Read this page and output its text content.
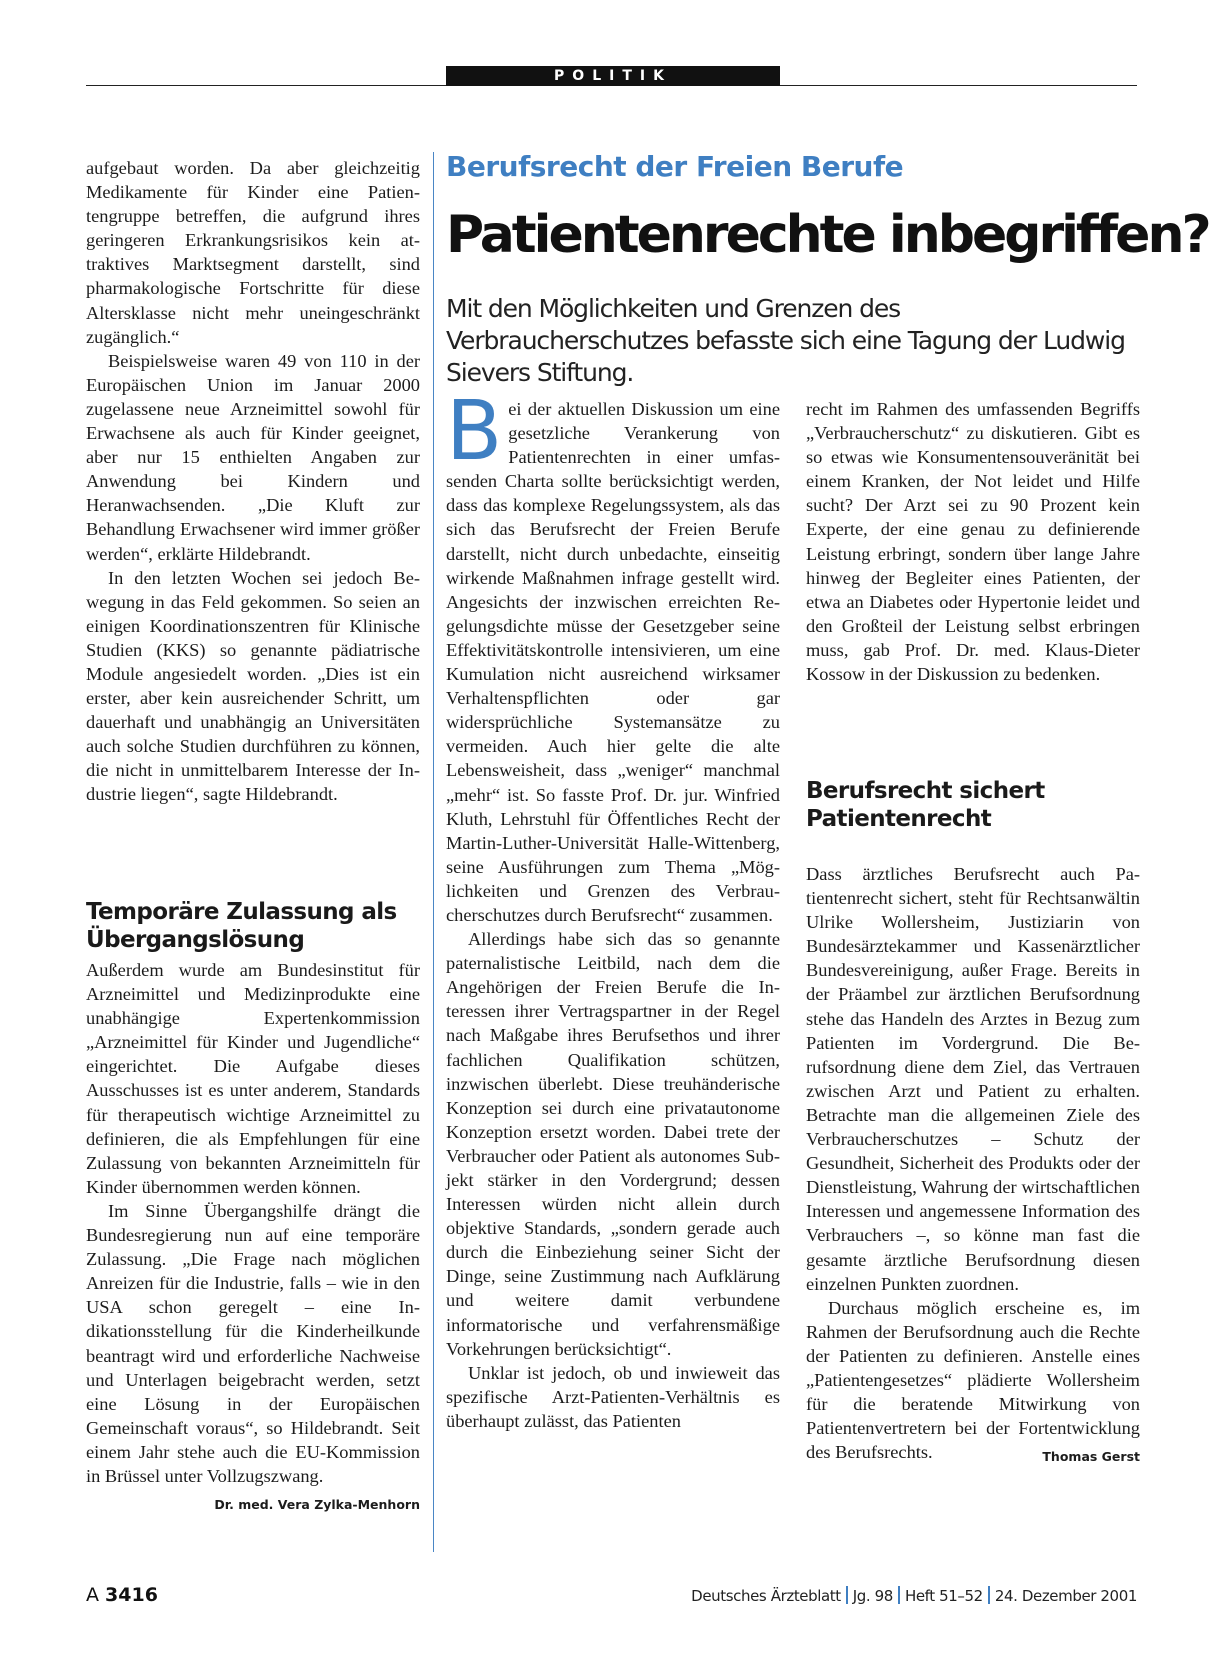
POLITIK

aufgebaut worden. Da aber gleichzeitig Medikamente für Kinder eine Patientengruppe betreffen, die aufgrund ihres geringeren Erkrankungsrisikos kein attraktives Marktsegment darstellt, sind pharmakologische Fortschritte für diese Altersklasse nicht mehr uneingeschränkt zugänglich.“

Beispielsweise waren 49 von 110 in der Europäischen Union im Januar 2000 zugelassene neue Arzneimittel sowohl für Erwachsene als auch für Kinder geeignet, aber nur 15 enthielten Angaben zur Anwendung bei Kindern und Heranwachsenden. „Die Kluft zur Behandlung Erwachsener wird immer größer werden“, erklärte Hildebrandt.

In den letzten Wochen sei jedoch Bewegung in das Feld gekommen. So seien an einigen Koordinationszentren für Klinische Studien (KKS) so genannte pädiatrische Module angesiedelt worden. „Dies ist ein erster, aber kein ausreichender Schritt, um dauerhaft und unabhängig an Universitäten auch solche Studien durchführen zu können, die nicht in unmittelbarem Interesse der Industrie liegen“, sagte Hildebrandt.

Temporäre Zulassung als Übergangslösung

Außerdem wurde am Bundesinstitut für Arzneimittel und Medizinprodukte eine unabhängige Expertenkommission „Arzneimittel für Kinder und Jugendliche“ eingerichtet. Die Aufgabe dieses Ausschusses ist es unter anderem, Standards für therapeutisch wichtige Arzneimittel zu definieren, die als Empfehlungen für eine Zulassung von bekannten Arzneimitteln für Kinder übernommen werden können.

Im Sinne Übergangshilfe drängt die Bundesregierung nun auf eine temporäre Zulassung. „Die Frage nach möglichen Anreizen für die Industrie, falls – wie in den USA schon geregelt – eine Indikationsstellung für die Kinderheilkunde beantragt wird und erforderliche Nachweise und Unterlagen beigebracht werden, setzt eine Lösung in der Europäischen Gemeinschaft voraus“, so Hildebrandt. Seit einem Jahr stehe auch die EU-Kommission in Brüssel unter Vollzugszwang.
Dr. med. Vera Zylka-Menhorn

Berufsrecht der Freien Berufe
Patientenrechte inbegriffen?
Mit den Möglichkeiten und Grenzen des Verbraucherschutzes befasste sich eine Tagung der Ludwig Sievers Stiftung.

Bei der aktuellen Diskussion um eine gesetzliche Verankerung von Patientenrechten in einer umfassenden Charta sollte berücksichtigt werden, dass das komplexe Regelungssystem, als das sich das Berufsrecht der Freien Berufe darstellt, nicht durch unbedachte, einseitig wirkende Maßnahmen infrage gestellt wird. Angesichts der inzwischen erreichten Regelungsdichte müsse der Gesetzgeber seine Effektivitätskontrolle intensivieren, um eine Kumulation nicht ausreichend wirksamer Verhaltenspflichten oder gar widersprüchliche Systemansätze zu vermeiden. Auch hier gelte die alte Lebensweisheit, dass „weniger“ manchmal „mehr“ ist. So fasste Prof. Dr. jur. Winfried Kluth, Lehrstuhl für Öffentliches Recht der Martin-Luther-Universität Halle-Wittenberg, seine Ausführungen zum Thema „Möglichkeiten und Grenzen des Verbraucherschutzes durch Berufsrecht“ zusammen.

Allerdings habe sich das so genannte paternalistische Leitbild, nach dem die Angehörigen der Freien Berufe die Interessen ihrer Vertragspartner in der Regel nach Maßgabe ihres Berufsethos und ihrer fachlichen Qualifikation schützen, inzwischen überlebt. Diese treuhänderische Konzeption sei durch eine privatautonome Konzeption ersetzt worden. Dabei trete der Verbraucher oder Patient als autonomes Subjekt stärker in den Vordergrund; dessen Interessen würden nicht allein durch objektive Standards, „sondern gerade auch durch die Einbeziehung seiner Sicht der Dinge, seine Zustimmung nach Aufklärung und weitere damit verbundene informatorische und verfahrensmäßige Vorkehrungen berücksichtigt“.

Unklar ist jedoch, ob und inwieweit das spezifische Arzt-Patienten-Verhältnis es überhaupt zulässt, das Patienten

recht im Rahmen des umfassenden Begriffs „Verbraucherschutz“ zu diskutieren. Gibt es so etwas wie Konsumentensouveränität bei einem Kranken, der Not leidet und Hilfe sucht? Der Arzt sei zu 90 Prozent kein Experte, der eine genau zu definierende Leistung erbringt, sondern über lange Jahre hinweg der Begleiter eines Patienten, der etwa an Diabetes oder Hypertonie leidet und den Großteil der Leistung selbst erbringen muss, gab Prof. Dr. med. Klaus-Dieter Kossow in der Diskussion zu bedenken.

Berufsrecht sichert Patientenrecht

Dass ärztliches Berufsrecht auch Patientenrecht sichert, steht für Rechtsanwältin Ulrike Wollersheim, Justiziarin von Bundesärztekammer und Kassenärztlicher Bundesvereinigung, außer Frage. Bereits in der Präambel zur ärztlichen Berufsordnung stehe das Handeln des Arztes in Bezug zum Patienten im Vordergrund. Die Berufsordnung diene dem Ziel, das Vertrauen zwischen Arzt und Patient zu erhalten. Betrachte man die allgemeinen Ziele des Verbraucherschutzes – Schutz der Gesundheit, Sicherheit des Produkts oder der Dienstleistung, Wahrung der wirtschaftlichen Interessen und angemessene Information des Verbrauchers –, so könne man fast die gesamte ärztliche Berufsordnung diesen einzelnen Punkten zuordnen.

Durchaus möglich erscheine es, im Rahmen der Berufsordnung auch die Rechte der Patienten zu definieren. Anstelle eines „Patientengesetzes“ plädierte Wollersheim für die beratende Mitwirkung von Patientenvertretern bei der Fortentwicklung des Berufsrechts.	Thomas Gerst

A 3416	Deutsches Ärzteblatt Jg. 98 Heft 51–52 24. Dezember 2001
